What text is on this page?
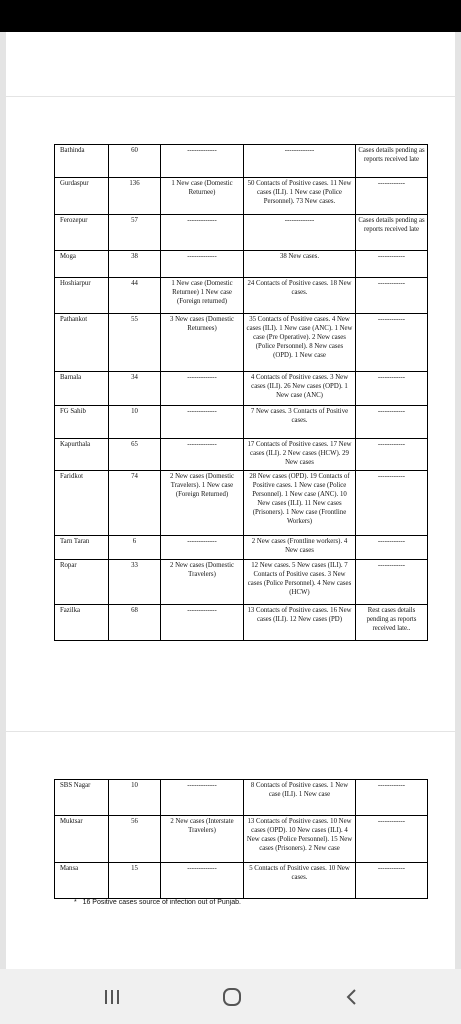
Bathinda	60	-------------	-------------	Cases details pending as reports received late
Gurdaspur	136	1 New case (Domestic Returnee)	50 Contacts of Positive cases. 11 New cases (ILI). 1 New case (Police Personnel). 73 New cases.	------------
Ferozepur	57	-------------	-------------	Cases details pending as reports received late
Moga	38	-------------	38 New cases.	------------
Hoshiarpur	44	1 New case (Domestic Returnee) 1 New case (Foreign returned)	24 Contacts of Positive cases. 18 New cases.	------------
Pathankot	55	3 New cases (Domestic Returnees)	35 Contacts of Positive cases. 4 New cases (ILI). 1 New case (ANC). 1 New case (Pre Operative). 2 New cases (Police Personnel). 8 New cases (OPD). 1 New case	------------
Barnala	34	-------------	4 Contacts of Positive cases. 3 New cases (ILI). 26 New cases (OPD). 1 New case (ANC)	------------
FG Sahib	10	-------------	7 New cases. 3 Contacts of Positive cases.	------------
Kapurthala	65	-------------	17 Contacts of Positive cases. 17 New cases (ILI). 2 New cases (HCW). 29 New cases	------------
Faridkot	74	2 New cases (Domestic Travelers). 1 New case (Foreign Returned)	28 New cases (OPD). 19 Contacts of Positive cases. 1 New case (Police Personnel). 1 New case (ANC). 10 New cases (ILI). 11 New cases (Prisoners). 1 New case (Frontline Workers)	------------
Tarn Taran	6	-------------	2 New cases (Frontline workers). 4 New cases	------------
Ropar	33	2 New cases (Domestic Travelers)	12 New cases. 5 New cases (ILI). 7 Contacts of Positive cases. 3 New cases (Police Personnel). 4 New cases (HCW)	------------
Fazilka	68	-------------	13 Contacts of Positive cases. 16 New cases (ILI). 12 New cases (PD)	Rest cases details pending as reports received late..
SBS Nagar	10	-------------	8 Contacts of Positive cases. 1 New case (ILI). 1 New case	------------
Muktsar	56	2 New cases (Interstate Travelers)	13 Contacts of Positive cases. 10 New cases (OPD). 10 New cases (ILI). 4 New cases (Police Personnel). 15 New cases (Prisoners). 2 New case	------------
Mansa	15	-------------	5 Contacts of Positive cases. 10 New cases.	------------
* 16 Positive cases source of infection out of Punjab.
